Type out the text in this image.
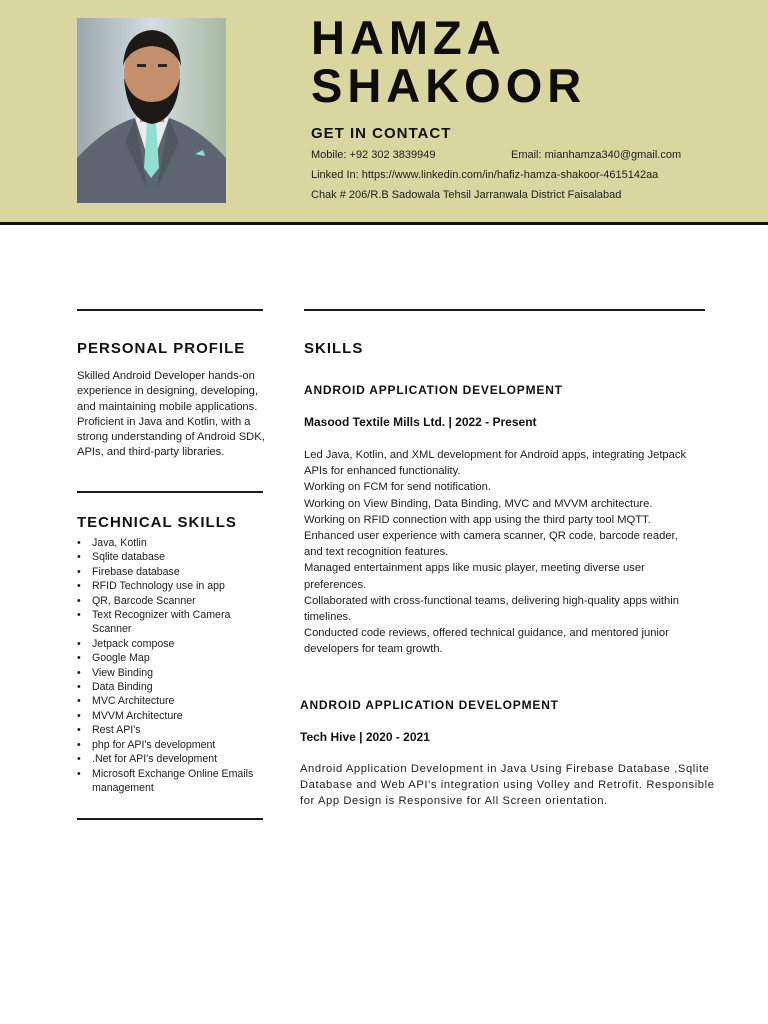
HAMZA
SHAKOOR
GET IN CONTACT
Mobile: +92 302 3839949	Email: mianhamza340@gmail.com
Linked In: https://www.linkedin.com/in/hafiz-hamza-shakoor-4615142aa
Chak # 206/R.B Sadowala Tehsil Jarranwala District Faisalabad
PERSONAL PROFILE
Skilled Android Developer hands-on experience in designing, developing, and maintaining mobile applications. Proficient in Java and Kotlin, with a strong understanding of Android SDK, APIs, and third-party libraries.
TECHNICAL SKILLS
• Java, Kotlin
• Sqlite database
• Firebase database
• RFID Technology use in app
• QR, Barcode Scanner
• Text Recognizer with Camera Scanner
• Jetpack compose
• Google Map
• View Binding
• Data Binding
• MVC Architecture
• MVVM Architecture
• Rest API's
• php for API's development
• .Net for API's development
• Microsoft Exchange Online Emails management
SKILLS
ANDROID APPLICATION DEVELOPMENT
Masood Textile Mills Ltd. | 2022 - Present
Led Java, Kotlin, and XML development for Android apps, integrating Jetpack
APIs for enhanced functionality.
Working on FCM for send notification.
Working on View Binding, Data Binding, MVC and MVVM architecture.
Working on RFID connection with app using the third party tool MQTT.
Enhanced user experience with camera scanner, QR code, barcode reader,
and text recognition features.
Managed entertainment apps like music player, meeting diverse user
preferences.
Collaborated with cross-functional teams, delivering high-quality apps within
timelines.
Conducted code reviews, offered technical guidance, and mentored junior
developers for team growth.
ANDROID APPLICATION DEVELOPMENT
Tech Hive | 2020 - 2021
Android Application Development in Java Using Firebase Database ,Sqlite Database and Web API's integration using Volley and Retrofit. Responsible for App Design is Responsive for All Screen orientation.
